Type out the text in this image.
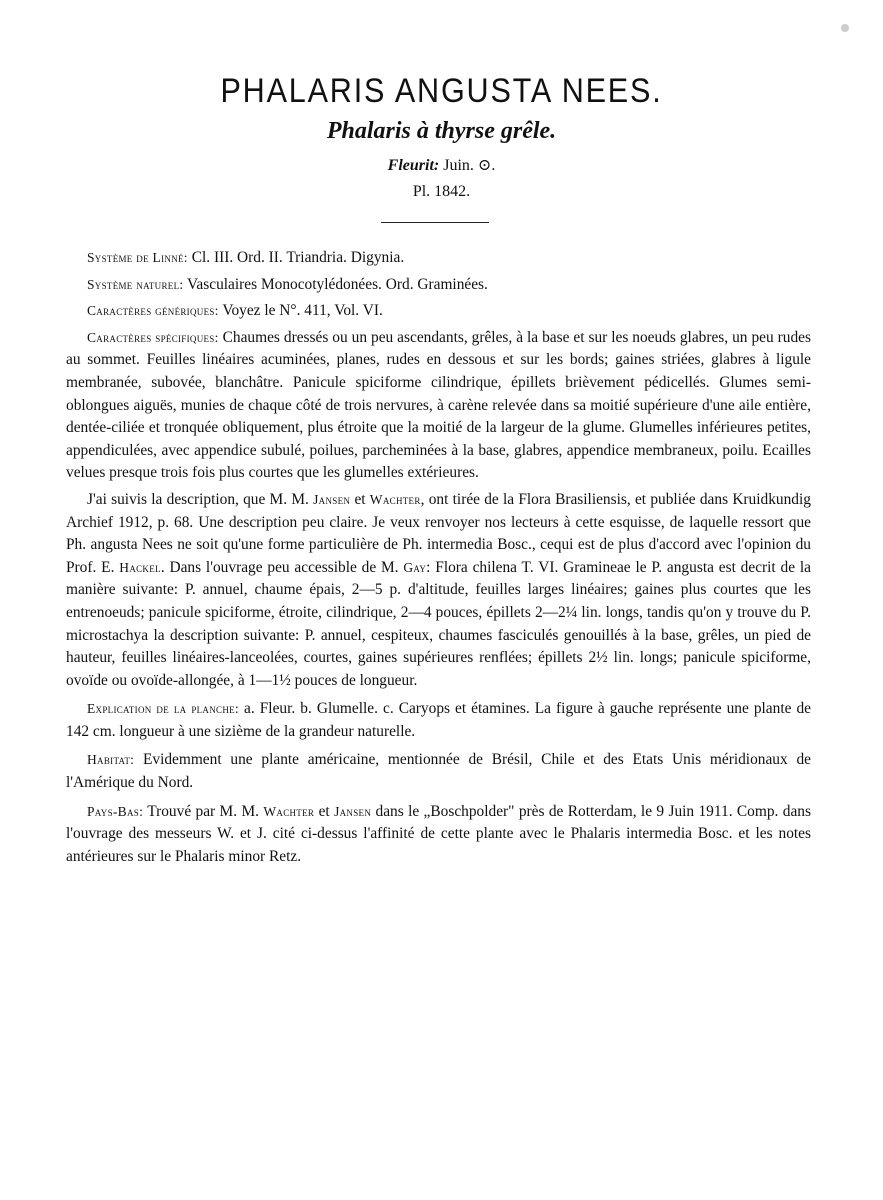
PHALARIS ANGUSTA NEES.
Phalaris à thyrse grêle.
Fleurit: Juin. ⊙.
Pl. 1842.

Système de Linné: Cl. III. Ord. II. Triandria. Digynia.

Système naturel: Vasculaires Monocotylédonées. Ord. Graminées.

Caractères génériques: Voyez le N°. 411, Vol. VI.

Caractères spécifiques: Chaumes dressés ou un peu ascendants, grêles, à la base et sur les noeuds glabres, un peu rudes au sommet. Feuilles linéaires acuminées, planes, rudes en dessous et sur les bords; gaines striées, glabres à ligule membranée, subovée, blanchâtre. Panicule spiciforme cilindrique, épillets brièvement pédicellés. Glumes semi-oblongues aiguës, munies de chaque côté de trois nervures, à carène relevée dans sa moitié supérieure d'une aile entière, dentée-ciliée et tronquée obliquement, plus étroite que la moitié de la largeur de la glume. Glumelles inférieures petites, appendiculées, avec appendice subulé, poilues, parcheminées à la base, glabres, appendice membraneux, poilu. Ecailles velues presque trois fois plus courtes que les glumelles extérieures.

J'ai suivis la description, que M. M. Jansen et Wachter, ont tirée de la Flora Brasiliensis, et publiée dans Kruidkundig Archief 1912, p. 68. Une description peu claire. Je veux renvoyer nos lecteurs à cette esquisse, de laquelle ressort que Ph. angusta Nees ne soit qu'une forme particulière de Ph. intermedia Bosc., cequi est de plus d'accord avec l'opinion du Prof. E. Hackel. Dans l'ouvrage peu accessible de M. Gay: Flora chilena T. VI. Gramineae le P. angusta est decrit de la manière suivante: P. annuel, chaume épais, 2—5 p. d'altitude, feuilles larges linéaires; gaines plus courtes que les entrenoeuds; panicule spiciforme, étroite, cilindrique, 2—4 pouces, épillets 2—2¼ lin. longs, tandis qu'on y trouve du P. microstachya la description suivante: P. annuel, cespiteux, chaumes fasciculés genouillés à la base, grêles, un pied de hauteur, feuilles linéaires-lanceolées, courtes, gaines supérieures renflées; épillets 2½ lin. longs; panicule spiciforme, ovoïde ou ovoïde-allongée, à 1—1½ pouces de longueur.

Explication de la planche: a. Fleur. b. Glumelle. c. Caryops et étamines. La figure à gauche représente une plante de 142 cm. longueur à une sizième de la grandeur naturelle.

Habitat: Evidemment une plante américaine, mentionnée de Brésil, Chile et des Etats Unis méridionaux de l'Amérique du Nord.

Pays-Bas: Trouvé par M. M. Wachter et Jansen dans le „Boschpolder" près de Rotterdam, le 9 Juin 1911. Comp. dans l'ouvrage des messeurs W. et J. cité ci-dessus l'affinité de cette plante avec le Phalaris intermedia Bosc. et les notes antérieures sur le Phalaris minor Retz.
